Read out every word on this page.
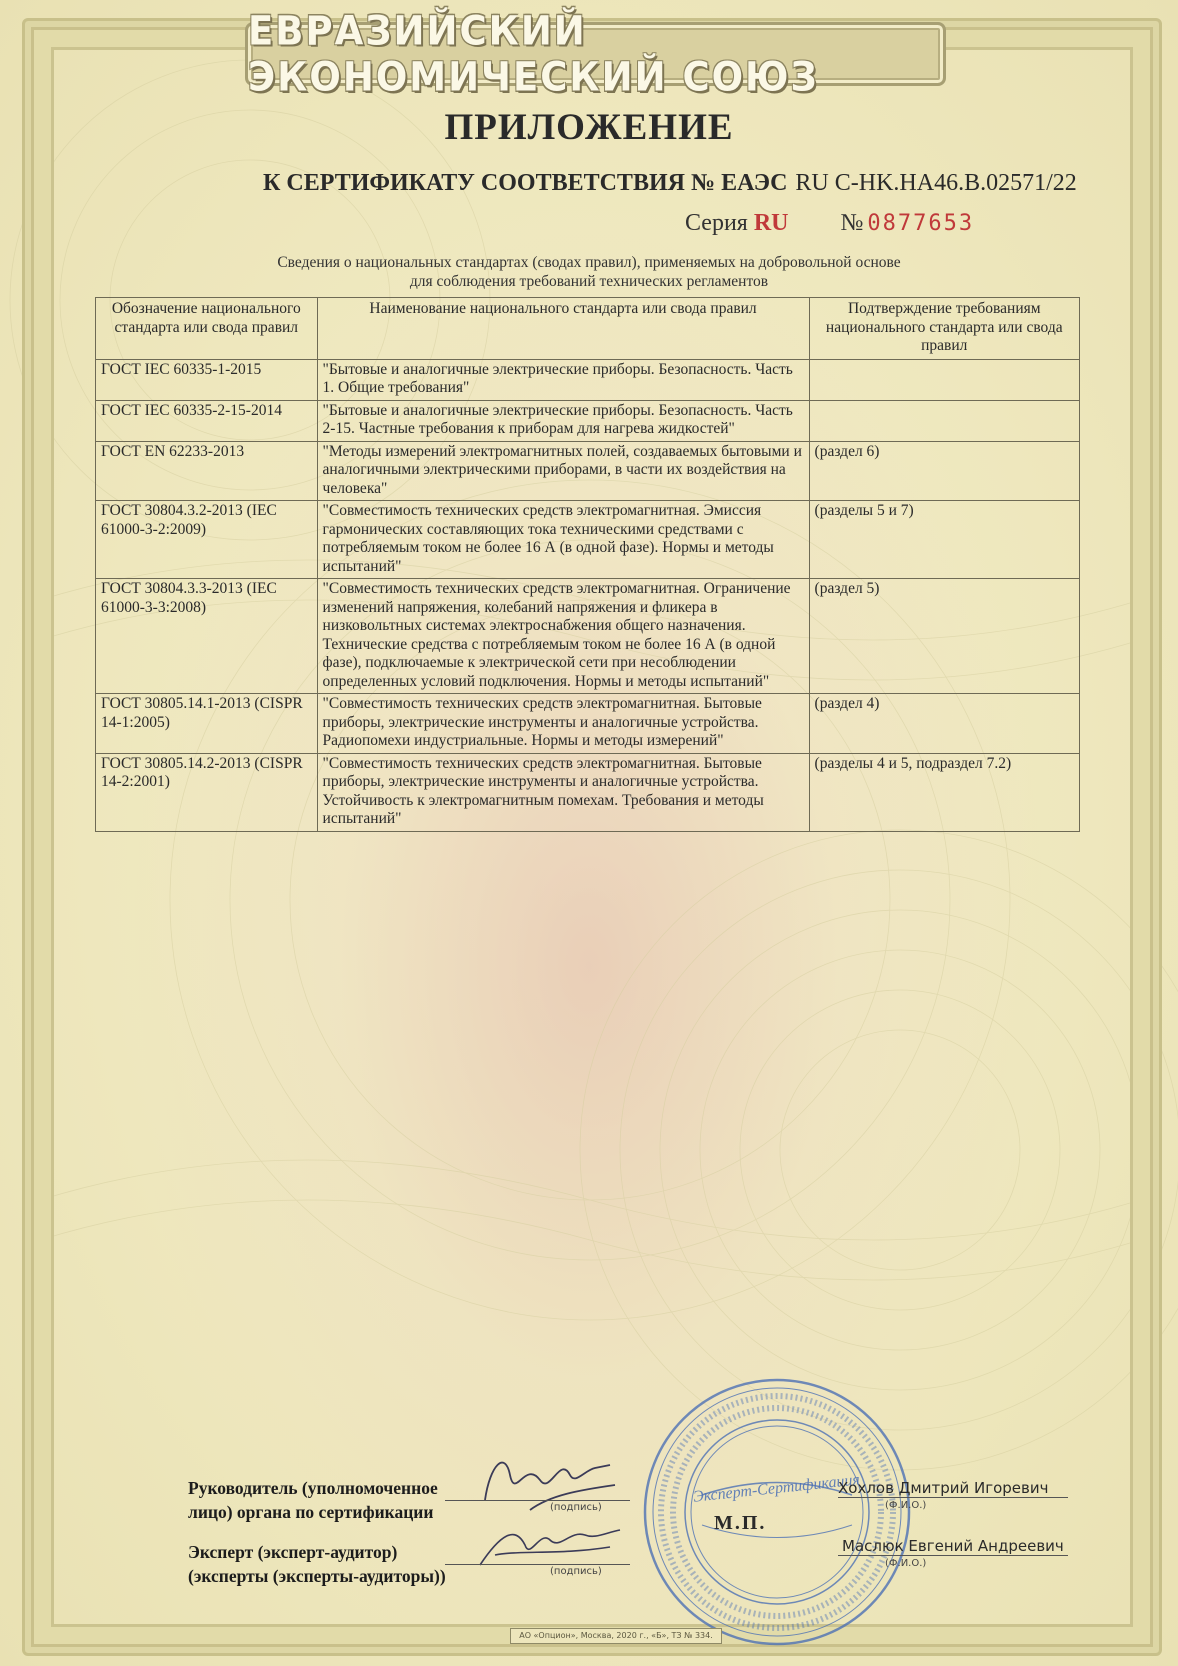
ЕВРАЗИЙСКИЙ ЭКОНОМИЧЕСКИЙ СОЮЗ
ПРИЛОЖЕНИЕ
К СЕРТИФИКАТУ СООТВЕТСТВИЯ № ЕАЭС RU C-HK.HA46.B.02571/22
Серия RU № 0877653
Сведения о национальных стандартах (сводах правил), применяемых на добровольной основе
для соблюдения требований технических регламентов
Обозначение национального стандарта или свода правил	Наименование национального стандарта или свода правил	Подтверждение требованиям национального стандарта или свода правил
ГОСТ IEC 60335-1-2015	"Бытовые и аналогичные электрические приборы. Безопасность. Часть 1. Общие требования"	
ГОСТ IEC 60335-2-15-2014	"Бытовые и аналогичные электрические приборы. Безопасность. Часть 2-15. Частные требования к приборам для нагрева жидкостей"	
ГОСТ EN 62233-2013	"Методы измерений электромагнитных полей, создаваемых бытовыми и аналогичными электрическими приборами, в части их воздействия на человека"	(раздел 6)
ГОСТ 30804.3.2-2013 (IEC 61000-3-2:2009)	"Совместимость технических средств электромагнитная. Эмиссия гармонических составляющих тока техническими средствами с потребляемым током не более 16 А (в одной фазе). Нормы и методы испытаний"	(разделы 5 и 7)
ГОСТ 30804.3.3-2013 (IEC 61000-3-3:2008)	"Совместимость технических средств электромагнитная. Ограничение изменений напряжения, колебаний напряжения и фликера в низковольтных системах электроснабжения общего назначения. Технические средства с потребляемым током не более 16 А (в одной фазе), подключаемые к электрической сети при несоблюдении определенных условий подключения. Нормы и методы испытаний"	(раздел 5)
ГОСТ 30805.14.1-2013 (CISPR 14-1:2005)	"Совместимость технических средств электромагнитная. Бытовые приборы, электрические инструменты и аналогичные устройства. Радиопомехи индустриальные. Нормы и методы измерений"	(раздел 4)
ГОСТ 30805.14.2-2013 (CISPR 14-2:2001)	"Совместимость технических средств электромагнитная. Бытовые приборы, электрические инструменты и аналогичные устройства. Устойчивость к электромагнитным помехам. Требования и методы испытаний"	(разделы 4 и 5, подраздел 7.2)
Эксперт-Сертификация
Руководитель (уполномоченное
лицо) органа по сертификации	(подпись)
М.П.
Хохлов Дмитрий Игоревич
(Ф.И.О.)
Эксперт (эксперт-аудитор)
(эксперты (эксперты-аудиторы))	(подпись)
Маслюк Евгений Андреевич
(Ф.И.О.)
АО «Опцион», Москва, 2020 г., «Б», ТЗ № 334.
